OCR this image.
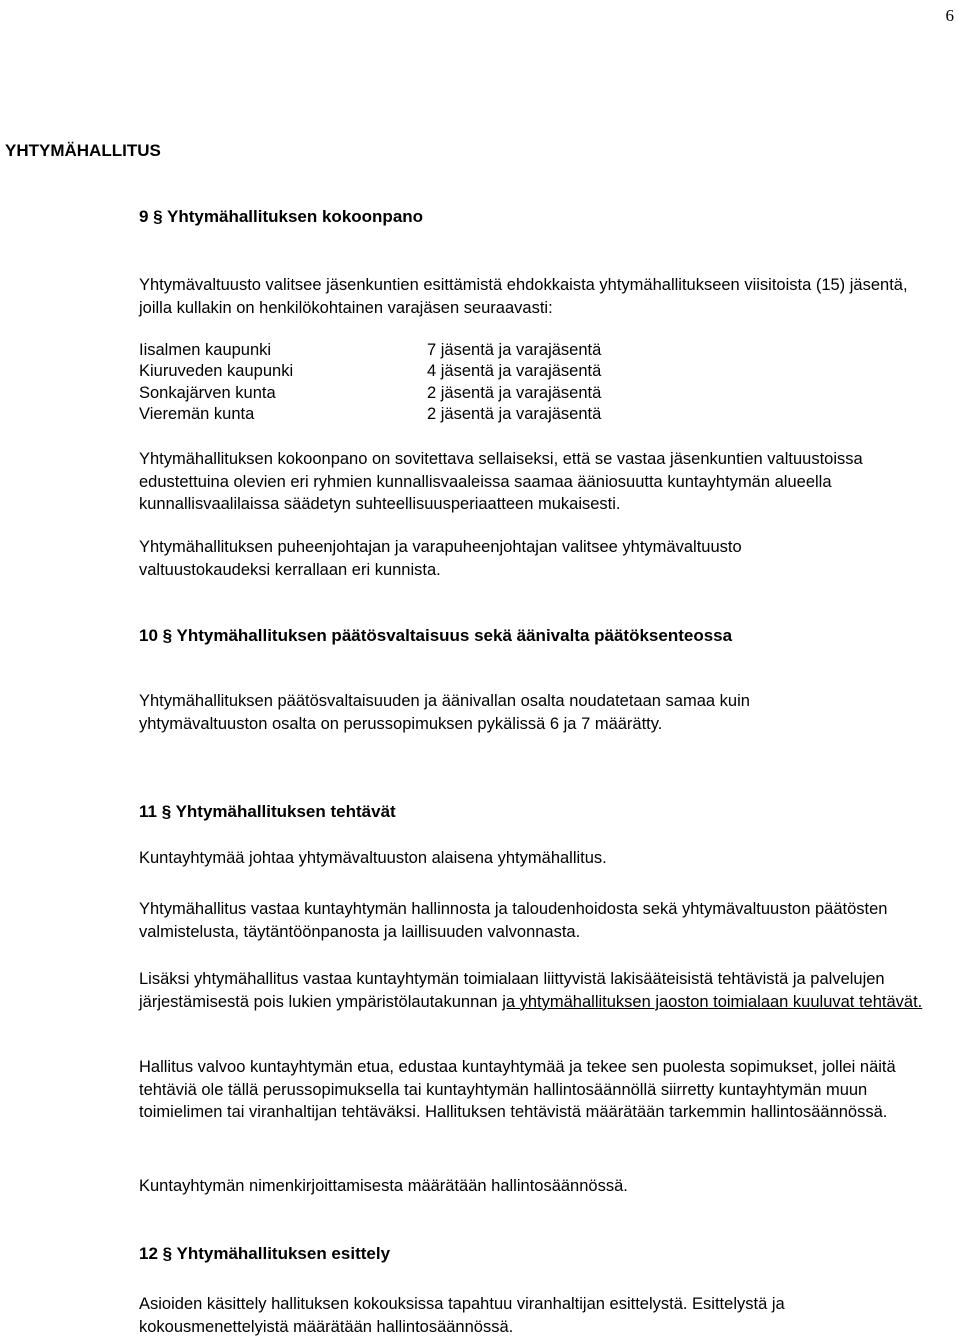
6
YHTYMÄHALLITUS
9 § Yhtymähallituksen kokoonpano

Yhtymävaltuusto valitsee jäsenkuntien esittämistä ehdokkaista yhtymähallitukseen viisitoista (15) jäsentä, joilla kullakin on henkilökohtainen varajäsen seuraavasti:

Iisalmen kaupunki	7 jäsentä ja varajäsentä
Kiuruveden kaupunki	4 jäsentä ja varajäsentä
Sonkajärven kunta	2 jäsentä ja varajäsentä
Vieremän kunta	2 jäsentä ja varajäsentä

Yhtymähallituksen kokoonpano on sovitettava sellaiseksi, että se vastaa jäsenkuntien valtuustoissa edustettuina olevien eri ryhmien kunnallisvaaleissa saamaa ääniosuutta kuntayhtymän alueella kunnallisvaalilaissa säädetyn suhteellisuusperiaatteen mukaisesti.

Yhtymähallituksen puheenjohtajan ja varapuheenjohtajan valitsee yhtymävaltuusto valtuustokaudeksi kerrallaan eri kunnista.

10 § Yhtymähallituksen päätösvaltaisuus sekä äänivalta päätöksenteossa

Yhtymähallituksen päätösvaltaisuuden ja äänivallan osalta noudatetaan samaa kuin yhtymävaltuuston osalta on perussopimuksen pykälissä 6 ja 7 määrätty.

11 § Yhtymähallituksen tehtävät

Kuntayhtymää johtaa yhtymävaltuuston alaisena yhtymähallitus.

Yhtymähallitus vastaa kuntayhtymän hallinnosta ja taloudenhoidosta sekä yhtymävaltuuston päätösten valmistelusta, täytäntöönpanosta ja laillisuuden valvonnasta.

Lisäksi yhtymähallitus vastaa kuntayhtymän toimialaan liittyvistä lakisääteisistä tehtävistä ja palvelujen järjestämisestä pois lukien ympäristölautakunnan ja yhtymähallituksen jaoston toimialaan kuuluvat tehtävät.

Hallitus valvoo kuntayhtymän etua, edustaa kuntayhtymää ja tekee sen puolesta sopimukset, jollei näitä tehtäviä ole tällä perussopimuksella tai kuntayhtymän hallintosäännöllä siirretty kuntayhtymän muun toimielimen tai viranhaltijan tehtäväksi. Hallituksen tehtävistä määrätään tarkemmin hallintosäännössä.

Kuntayhtymän nimenkirjoittamisesta määrätään hallintosäännössä.

12 § Yhtymähallituksen esittely

Asioiden käsittely hallituksen kokouksissa tapahtuu viranhaltijan esittelystä. Esittelystä ja kokousmenettelyistä määrätään hallintosäännössä.
